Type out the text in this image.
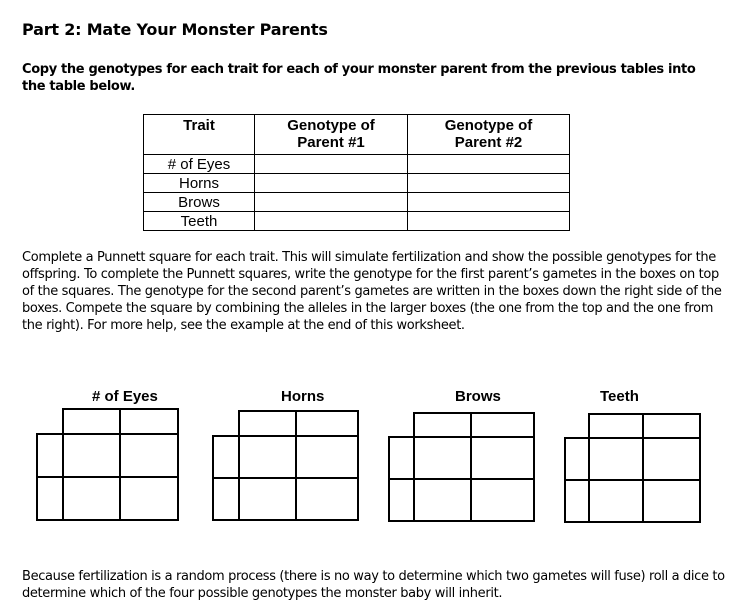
Part 2: Mate Your Monster Parents
Copy the genotypes for each trait for each of your monster parent from the previous tables into the table below.
Trait	Genotype of Parent #1	Genotype of Parent #2

# of Eyes		
Horns		
Brows		
Teeth		
Complete a Punnett square for each trait. This will simulate fertilization and show the possible genotypes for the offspring. To complete the Punnett squares, write the genotype for the first parent’s gametes in the boxes on top of the squares. The genotype for the second parent’s gametes are written in the boxes down the right side of the boxes. Compete the square by combining the alleles in the larger boxes (the one from the top and the one from the right). For more help, see the example at the end of this worksheet.
# of Eyes	Horns	Brows	Teeth
Because fertilization is a random process (there is no way to determine which two gametes will fuse) roll a dice to determine which of the four possible genotypes the monster baby will inherit.
